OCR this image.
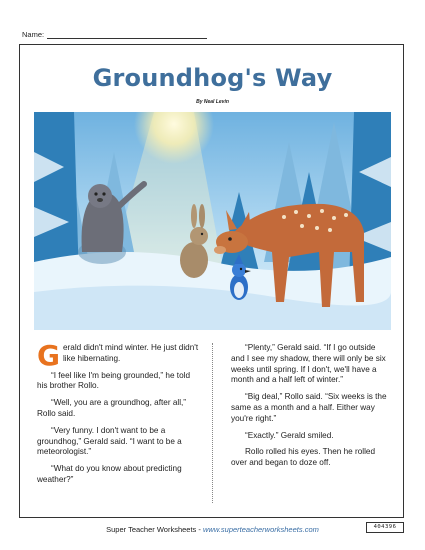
Name:
Groundhog's Way
By Neal Levin

Gerald didn't mind winter. He just didn't like hibernating.

“I feel like I'm being grounded,” he told his brother Rollo.

“Well, you are a groundhog, after all,” Rollo said.

“Very funny. I don't want to be a groundhog,” Gerald said. “I want to be a meteorologist.”

“What do you know about predicting weather?”

“Plenty,” Gerald said. “If I go outside and I see my shadow, there will only be six weeks until spring. If I don't, we'll have a month and a half left of winter.”

“Big deal,” Rollo said. “Six weeks is the same as a month and a half. Either way you're right.”

“Exactly.” Gerald smiled.

Rollo rolled his eyes. Then he rolled over and began to doze off.

Super Teacher Worksheets - www.superteacherworksheets.com	404396
